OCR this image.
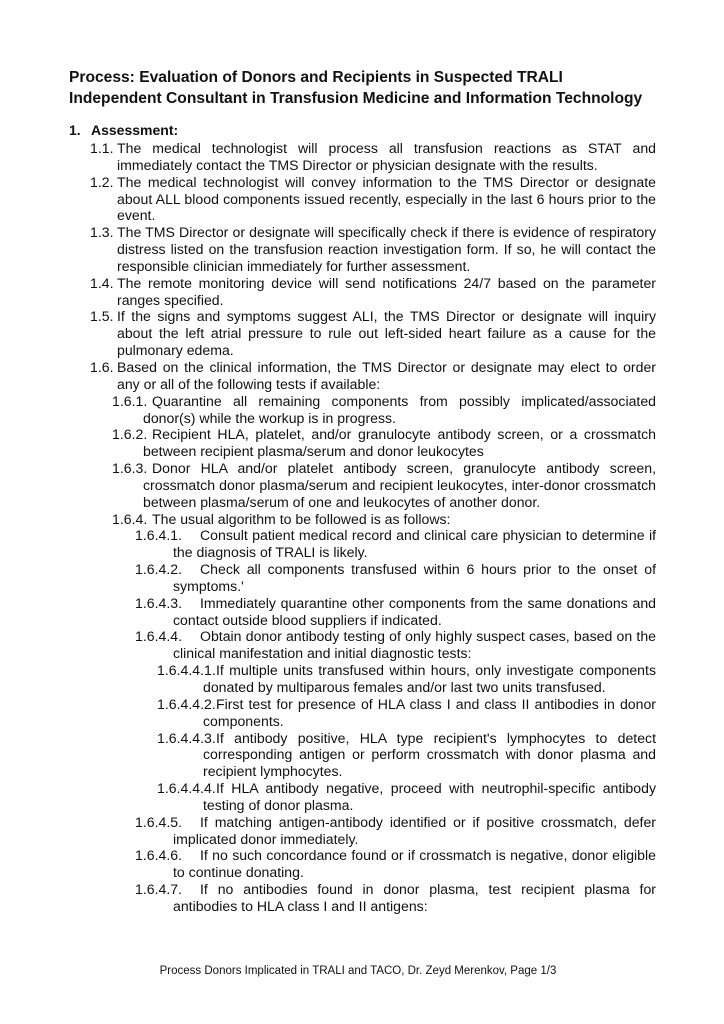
Process: Evaluation of Donors and Recipients in Suspected TRALI
Independent Consultant in Transfusion Medicine and Information Technology
1. Assessment:
1.1. The medical technologist will process all transfusion reactions as STAT and immediately contact the TMS Director or physician designate with the results.
1.2. The medical technologist will convey information to the TMS Director or designate about ALL blood components issued recently, especially in the last 6 hours prior to the event.
1.3. The TMS Director or designate will specifically check if there is evidence of respiratory distress listed on the transfusion reaction investigation form. If so, he will contact the responsible clinician immediately for further assessment.
1.4. The remote monitoring device will send notifications 24/7 based on the parameter ranges specified.
1.5. If the signs and symptoms suggest ALI, the TMS Director or designate will inquiry about the left atrial pressure to rule out left-sided heart failure as a cause for the pulmonary edema.
1.6. Based on the clinical information, the TMS Director or designate may elect to order any or all of the following tests if available:
1.6.1. Quarantine all remaining components from possibly implicated/associated donor(s) while the workup is in progress.
1.6.2. Recipient HLA, platelet, and/or granulocyte antibody screen, or a crossmatch between recipient plasma/serum and donor leukocytes
1.6.3. Donor HLA and/or platelet antibody screen, granulocyte antibody screen, crossmatch donor plasma/serum and recipient leukocytes, inter-donor crossmatch between plasma/serum of one and leukocytes of another donor.
1.6.4. The usual algorithm to be followed is as follows:
1.6.4.1. Consult patient medical record and clinical care physician to determine if the diagnosis of TRALI is likely.
1.6.4.2. Check all components transfused within 6 hours prior to the onset of symptoms.'
1.6.4.3. Immediately quarantine other components from the same donations and contact outside blood suppliers if indicated.
1.6.4.4. Obtain donor antibody testing of only highly suspect cases, based on the clinical manifestation and initial diagnostic tests:
1.6.4.4.1. If multiple units transfused within hours, only investigate components donated by multiparous females and/or last two units transfused.
1.6.4.4.2. First test for presence of HLA class I and class II antibodies in donor components.
1.6.4.4.3. If antibody positive, HLA type recipient's lymphocytes to detect corresponding antigen or perform crossmatch with donor plasma and recipient lymphocytes.
1.6.4.4.4. If HLA antibody negative, proceed with neutrophil-specific antibody testing of donor plasma.
1.6.4.5. If matching antigen-antibody identified or if positive crossmatch, defer implicated donor immediately.
1.6.4.6. If no such concordance found or if crossmatch is negative, donor eligible to continue donating.
1.6.4.7. If no antibodies found in donor plasma, test recipient plasma for antibodies to HLA class I and II antigens:
Process Donors Implicated in TRALI and TACO, Dr. Zeyd Merenkov, Page 1/3
